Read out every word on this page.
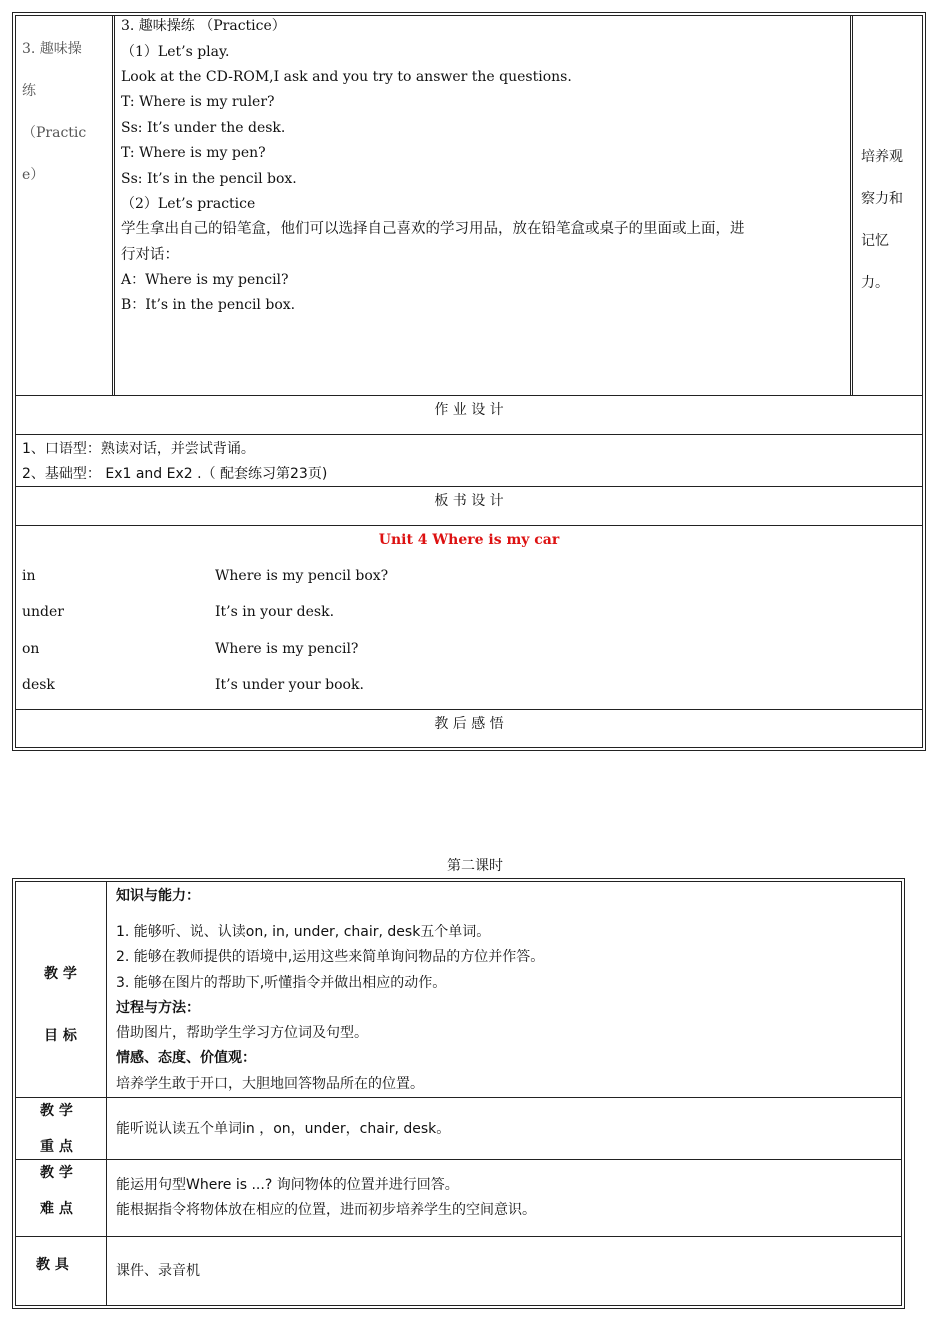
3. 趣味操
练
（Practic
e）
3. 趣味操练 （Practice）
（1）Let’s play.
Look at the CD-ROM,I ask and you try to answer the questions.
T: Where is my ruler?
Ss: It’s under the desk.
T: Where is my pen?
Ss: It’s in the pencil box.
（2）Let’s practice
学生拿出自己的铅笔盒，他们可以选择自己喜欢的学习用品，放在铅笔盒或桌子的里面或上面，进
行对话：
A：Where is my pencil?
B：It’s in the pencil box.
培养观
察力和
记忆
力。
作 业 设 计
1、口语型：熟读对话，并尝试背诵。
2、基础型： Ex1 and Ex2 .（ 配套练习第23页)
板 书 设 计
Unit 4 Where is my car
in
under
on
desk
Where is my pencil box?
It’s in your desk.
Where is my pencil?
It’s under your book.
教 后 感 悟
第二课时
教 学
目 标
知识与能力：
1. 能够听、说、认读on, in, under, chair, desk五个单词。
2. 能够在教师提供的语境中,运用这些来简单询问物品的方位并作答。
3. 能够在图片的帮助下,听懂指令并做出相应的动作。
过程与方法：
借助图片，帮助学生学习方位词及句型。
情感、态度、价值观：
培养学生敢于开口，大胆地回答物品所在的位置。
教 学
重 点
能听说认读五个单词in ，on，under，chair, desk。
教 学
难 点
能运用句型Where is ...? 询问物体的位置并进行回答。
能根据指令将物体放在相应的位置，进而初步培养学生的空间意识。
教 具	课件、录音机
